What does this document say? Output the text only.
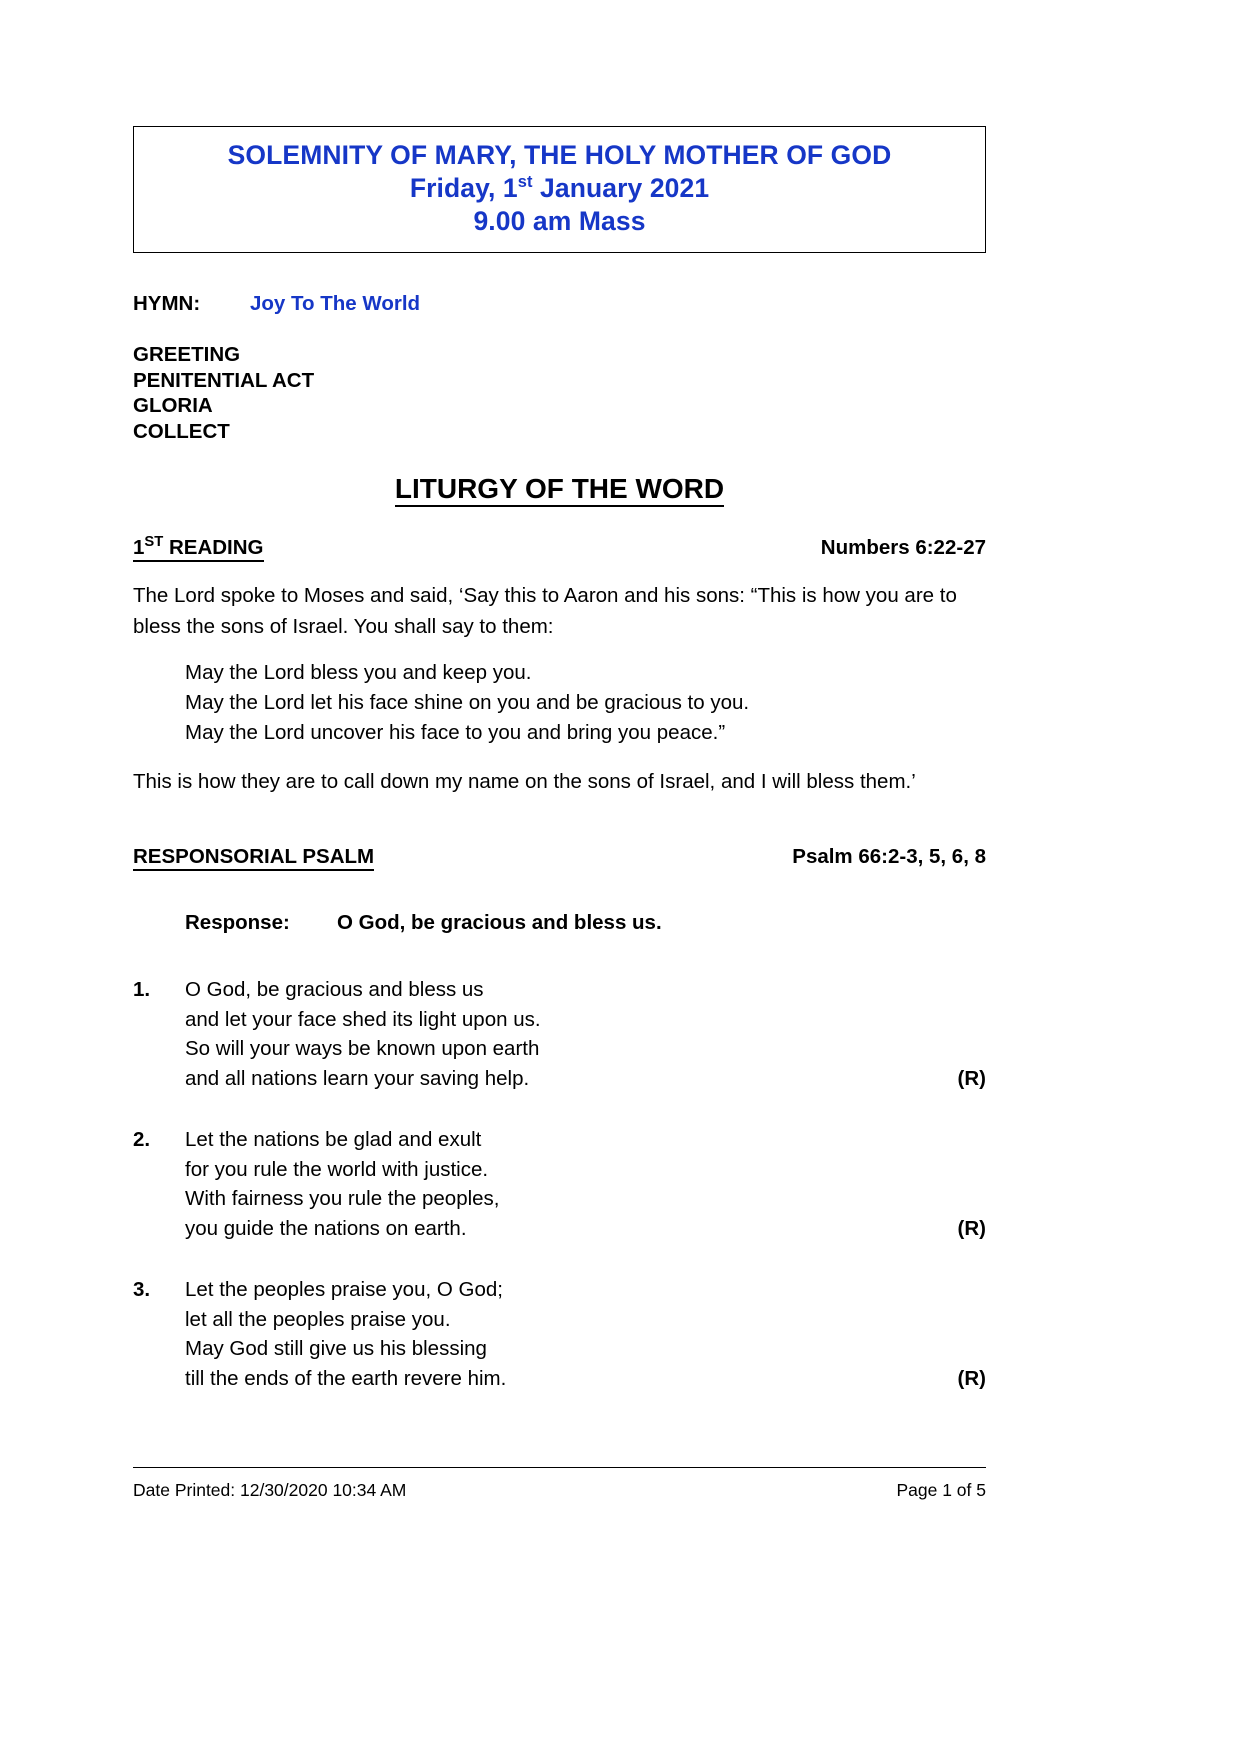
SOLEMNITY OF MARY, THE HOLY MOTHER OF GOD
Friday, 1st January 2021
9.00 am Mass
HYMN:	Joy To The World
GREETING
PENITENTIAL ACT
GLORIA
COLLECT
LITURGY OF THE WORD
1ST READING	Numbers 6:22-27
The Lord spoke to Moses and said, ‘Say this to Aaron and his sons: “This is how you are to bless the sons of Israel. You shall say to them:
May the Lord bless you and keep you.
May the Lord let his face shine on you and be gracious to you.
May the Lord uncover his face to you and bring you peace.”
This is how they are to call down my name on the sons of Israel, and I will bless them.’
RESPONSORIAL PSALM	Psalm 66:2-3, 5, 6, 8
Response:	O God, be gracious and bless us.
1.	O God, be gracious and bless us
and let your face shed its light upon us.
So will your ways be known upon earth
and all nations learn your saving help.	(R)
2.	Let the nations be glad and exult
for you rule the world with justice.
With fairness you rule the peoples,
you guide the nations on earth.	(R)
3.	Let the peoples praise you, O God;
let all the peoples praise you.
May God still give us his blessing
till the ends of the earth revere him.	(R)
Date Printed: 12/30/2020 10:34 AM	Page 1 of 5
